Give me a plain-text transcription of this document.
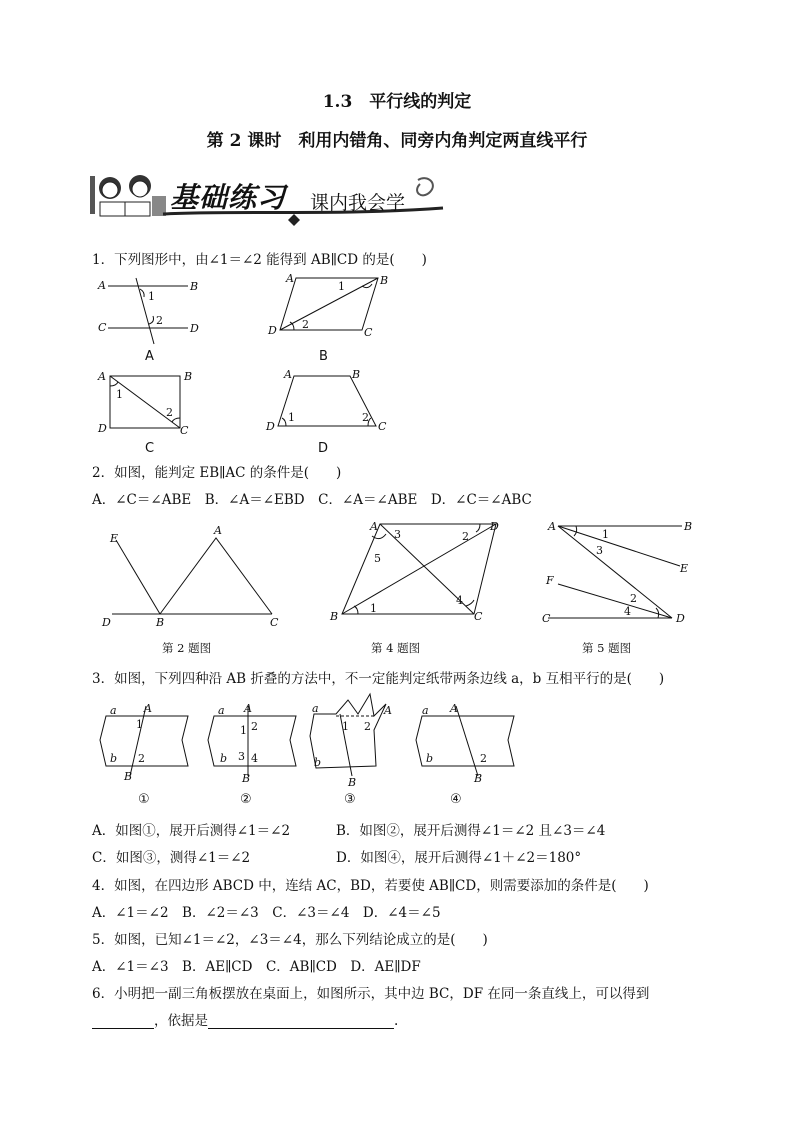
1.3　平行线的判定
第 2 课时　利用内错角、同旁内角判定两直线平行
基础练习 课内我会学
1．下列图形中，由∠1＝∠2 能得到 AB∥CD 的是(　　)
A	B
C	D
1
2
A
A	B
D	C
1
2
B
A	B
D	C
1
2
C
A	B
D	C
1	2
D
2．如图，能判定 EB∥AC 的条件是(　　)
A．∠C＝∠ABE　B．∠A＝∠EBD　C．∠A＝∠ABE　D．∠C＝∠ABC
E
A
D	B	C
第 2 题图
A	D
B	C
3	2
5
4
1
第 4 题图
A	B
E
F
C	D
1
3
2
4
第 5 题图
3．如图，下列四种沿 AB 折叠的方法中，不一定能判定纸带两条边线 a，b 互相平行的是(　　)
a A
b
B
1
2
①
a A
b
B
1 2
3 4
②
a	A
b
B
1 2
③
a A
b
B
2
④
A．如图①，展开后测得∠1＝∠2	B．如图②，展开后测得∠1＝∠2 且∠3＝∠4
C．如图③，测得∠1＝∠2	D．如图④，展开后测得∠1＋∠2＝180°
4．如图，在四边形 ABCD 中，连结 AC，BD，若要使 AB∥CD，则需要添加的条件是(　　)
A．∠1＝∠2　B．∠2＝∠3　C．∠3＝∠4　D．∠4＝∠5
5．如图，已知∠1＝∠2，∠3＝∠4，那么下列结论成立的是(　　)
A．∠1＝∠3　B．AE∥CD　C．AB∥CD　D．AE∥DF
6．小明把一副三角板摆放在桌面上，如图所示，其中边 BC，DF 在同一条直线上，可以得到
，依据是	.
